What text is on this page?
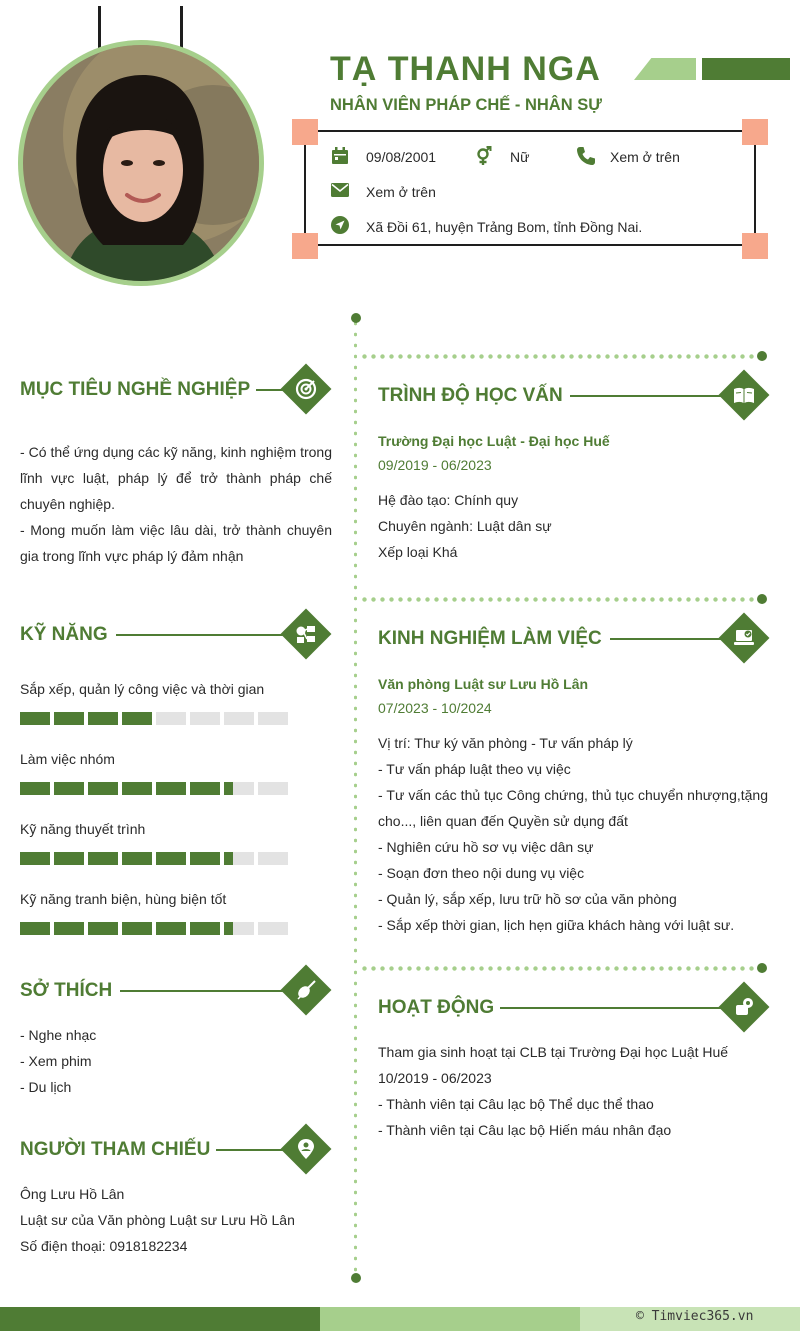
TẠ THANH NGA
NHÂN VIÊN PHÁP CHẾ - NHÂN SỰ
09/08/2001	Nữ	Xem ở trên
Xem ở trên
Xã Đồi 61, huyện Trảng Bom, tỉnh Đồng Nai.
MỤC TIÊU NGHỀ NGHIỆP
- Có thể ứng dụng các kỹ năng, kinh nghiệm trong lĩnh vực luật, pháp lý để trở thành pháp chế chuyên nghiệp.
- Mong muốn làm việc lâu dài, trở thành chuyên gia trong lĩnh vực pháp lý đảm nhận
KỸ NĂNG
Sắp xếp, quản lý công việc và thời gian
Làm việc nhóm
Kỹ năng thuyết trình
Kỹ năng tranh biện, hùng biện tốt
SỞ THÍCH
- Nghe nhạc
- Xem phim
- Du lịch
NGƯỜI THAM CHIẾU
Ông Lưu Hồ Lân
Luật sư của Văn phòng Luật sư Lưu Hồ Lân
Số điện thoại: 0918182234
TRÌNH ĐỘ HỌC VẤN
Trường Đại học Luật - Đại học Huế
09/2019 - 06/2023
Hệ đào tạo: Chính quy
Chuyên ngành: Luật dân sự
Xếp loại Khá
KINH NGHIỆM LÀM VIỆC
Văn phòng Luật sư Lưu Hồ Lân
07/2023 - 10/2024
Vị trí: Thư ký văn phòng - Tư vấn pháp lý
- Tư vấn pháp luật theo vụ việc
- Tư vấn các thủ tục Công chứng, thủ tục chuyển nhượng,tặng cho..., liên quan đến Quyền sử dụng đất
- Nghiên cứu hồ sơ vụ việc dân sự
- Soạn đơn theo nội dung vụ việc
- Quản lý, sắp xếp, lưu trữ hồ sơ của văn phòng
- Sắp xếp thời gian, lịch hẹn giữa khách hàng với luật sư.
HOẠT ĐỘNG
Tham gia sinh hoạt tại CLB tại Trường Đại học Luật Huế
10/2019 - 06/2023
- Thành viên tại Câu lạc bộ Thể dục thể thao
- Thành viên tại Câu lạc bộ Hiến máu nhân đạo
© Timviec365.vn
